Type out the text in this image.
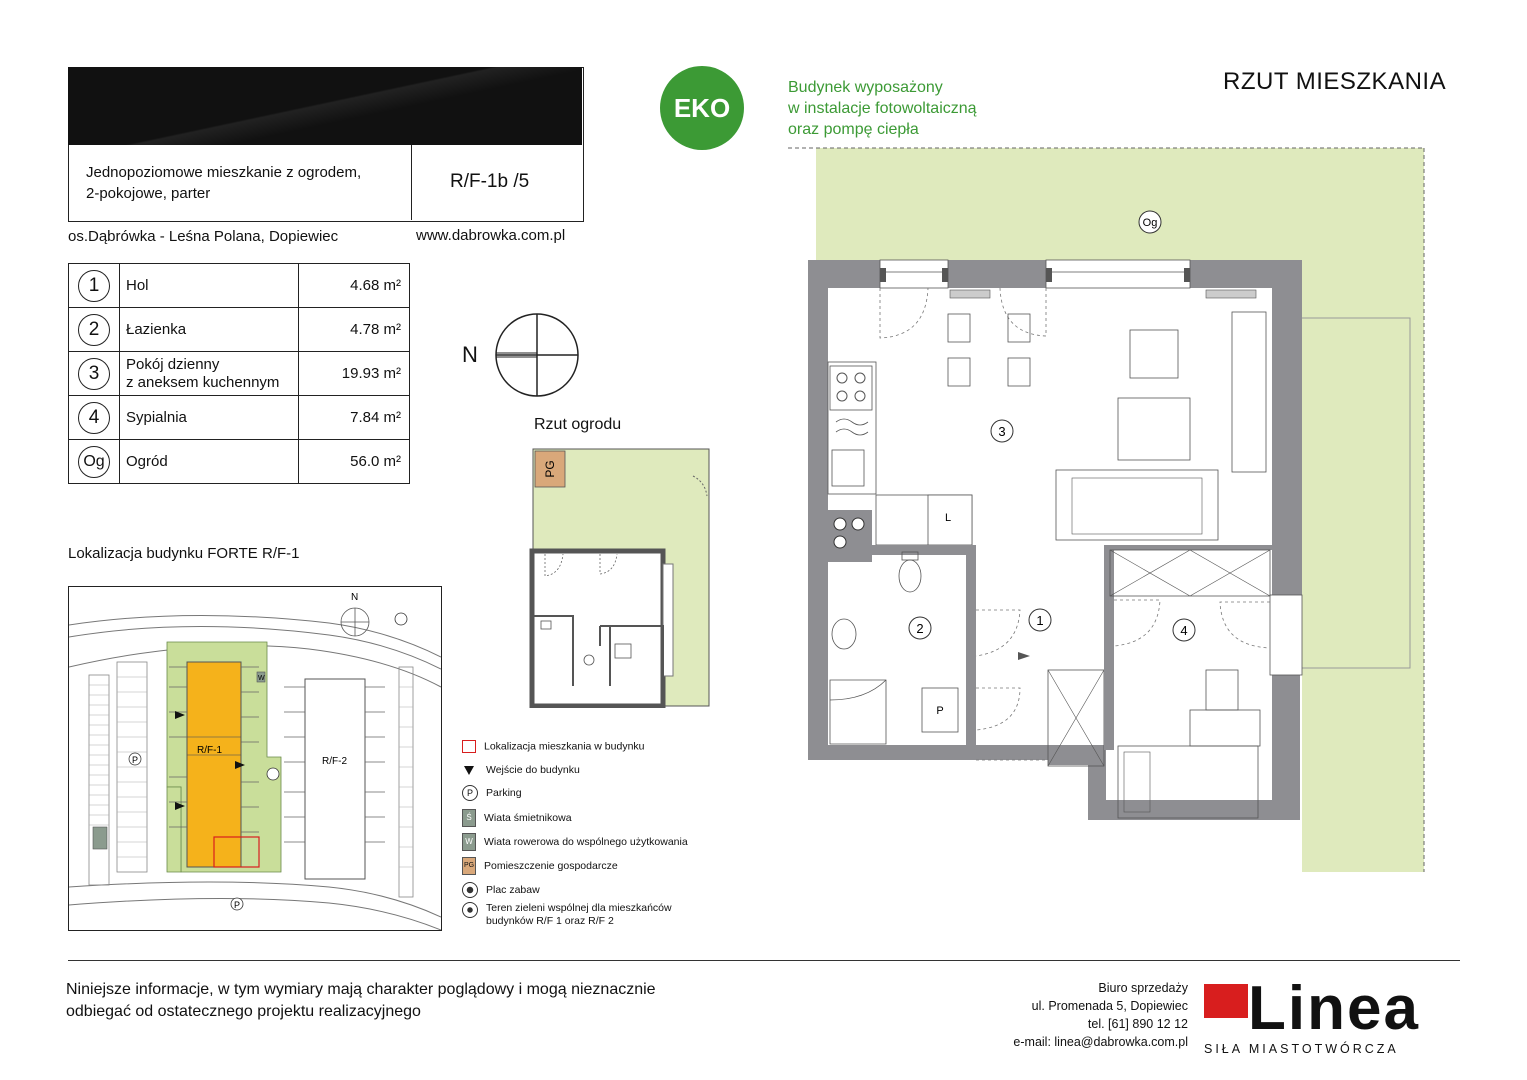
Forte	37.23m²	powierzchnia
użytkowa
netto
Jednopoziomowe mieszkanie z ogrodem,
2-pokojowe, parter
R/F-1b /5
os.Dąbrówka - Leśna Polana, Dopiewiec	www.dabrowka.com.pl
1	Hol	4.68 m²
2	Łazienka	4.78 m²
3	Pokój dzienny
z aneksem kuchennym	19.93 m²
4	Sypialnia	7.84 m²
Og	Ogród	56.0 m²
EKO
Budynek wyposażony
w instalacje fotowoltaiczną
oraz pompę ciepła
RZUT MIESZKANIA
N
Rzut ogrodu
PG
Lokalizacja budynku FORTE R/F-1
R/F-1
R/F-2
N
P
P
W
Lokalizacja mieszkania w budynku
Wejście do budynku
P Parking
Ś Wiata śmietnikowa
W Wiata rowerowa do wspólnego użytkowania
PG Pomieszczenie gospodarcze
Plac zabaw
Teren zieleni wspólnej dla mieszkańców
budynków R/F 1 oraz R/F 2
Og
L
3
P
2
1
4
Niniejsze informacje, w tym wymiary mają charakter poglądowy i mogą nieznacznie
odbiegać od ostatecznego projektu realizacyjnego
Biuro sprzedaży
ul. Promenada 5, Dopiewiec
tel. [61] 890 12 12
e-mail: linea@dabrowka.com.pl Linea
SIŁA MIASTOTWÓRCZA
